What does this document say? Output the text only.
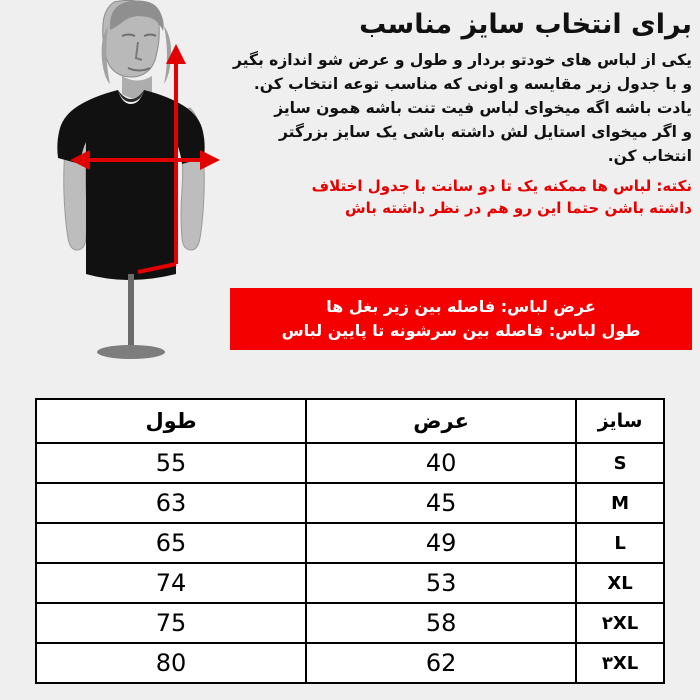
برای انتخاب سایز مناسب
یکی از لباس های خودتو بردار و طول و عرض شو اندازه بگیر
و با جدول زیر مقایسه و اونی که مناسب توعه انتخاب کن.
یادت باشه اگه میخوای لباس فیت تنت باشه همون سایز
و اگر میخوای استایل لش داشته باشی یک سایز بزرگتر
انتخاب کن.
نکته: لباس ها ممکنه یک تا دو سانت با جدول اختلاف
داشته باشن حتما این رو هم در نظر داشته باش
عرض لباس: فاصله بین زیر بغل ها
طول لباس: فاصله بین سرشونه تا پایین لباس
سایز	عرض	طول
S	40	55
M	45	63
L	49	65
XL	53	74
۲XL	58	75
۳XL	62	80
